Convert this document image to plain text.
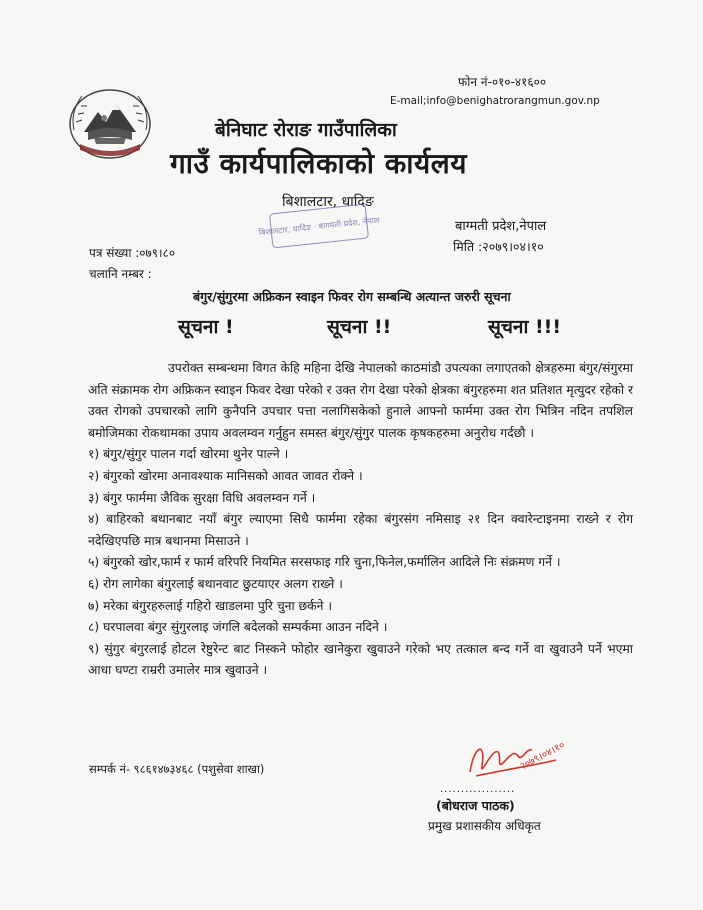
फोन नं-०१०-४१६००
E-mail;info@benighatrorangmun.gov.np
बेनिघाट रोराङ गाउँपालिका
गाउँ कार्यपालिकाको कार्यलय
बिशालटार, धादिङ
बिशालटार, धादिङ · बागमती प्रदेश, नेपाल	बाग्मती प्रदेश,नेपाल
मिति :२०७९।०४।१०
पत्र संख्या :०७९।८०
चलानि नम्बर :
बंगुर/सुंगुरमा अफ्रिकन स्वाइन फिवर रोग सम्बन्धि अत्यान्त जरुरी सूचना
सूचना !	सूचना !!	सूचना !!!

उपरोक्त सम्बन्धमा विगत केहि महिना देखि नेपालको काठमांडौ उपत्यका लगाएतको क्षेत्रहरुमा बंगुर/संगुरमा अति संक्रामक रोग अफ्रिकन स्वाइन फिवर देखा परेको र उक्त रोग देखा परेको क्षेत्रका बंगुरहरुमा शत प्रतिशत मृत्युदर रहेको र उक्त रोगको उपचारको लागि कुनैपनि उपचार पत्ता नलागिसकेको हुनाले आफ्नो फार्ममा उक्त रोग भित्रिन नदिन तपशिल बमोजिमका रोकथामका उपाय अवलम्वन गर्नुहुन समस्त बंगुर/सुंगुर पालक कृषकहरुमा अनुरोध गर्दछौ ।

१) बंगुर/सुंगुर पालन गर्दा खोरमा थुनेर पाल्ने ।
२) बंगुरको खोरमा अनावश्याक मानिसको आवत जावत रोक्ने ।
३) बंगुर फार्ममा जैविक सुरक्षा विधि अवलम्वन गर्ने ।
४) बाहिरको बथानबाट नयाँ बंगुर ल्याएमा सिधै फार्ममा रहेका बंगुरसंग नमिसाइ २१ दिन क्वारेन्टाइनमा राख्ने र रोग नदेखिएपछि मात्र बथानमा मिसाउने ।
५) बंगुरको खोर,फार्म र फार्म वरिपरि नियमित सरसफाइ गरि चुना,फिनेल,फर्मालिन आदिले निः संक्रमण गर्ने ।
६) रोग लागेका बंगुरलाई बथानवाट छुटयाएर अलग राख्ने ।
७) मरेका बंगुरहरुलाई गहिरो खाडलमा पुरि चुना छर्कने ।
८) घरपालवा बंगुर सुंगुरलाइ जंगलि बदेलको सम्पर्कमा आउन नदिने ।
९) सुंगुर बंगुरलाई होटल रेष्टुरेन्ट बाट निस्कने फोहोर खानेकुरा खुवाउने गरेको भए तत्काल बन्द गर्ने वा खुवाउनै पर्ने भएमा आधा घण्टा राम्ररी उमालेर मात्र खुवाउने ।
सम्पर्क नं- ९८६१४७३४६८ (पशुसेवा शाखा)	२०७९।०४।१०
..................
(बोधराज पाठक)
प्रमुख प्रशासकीय अधिकृत
